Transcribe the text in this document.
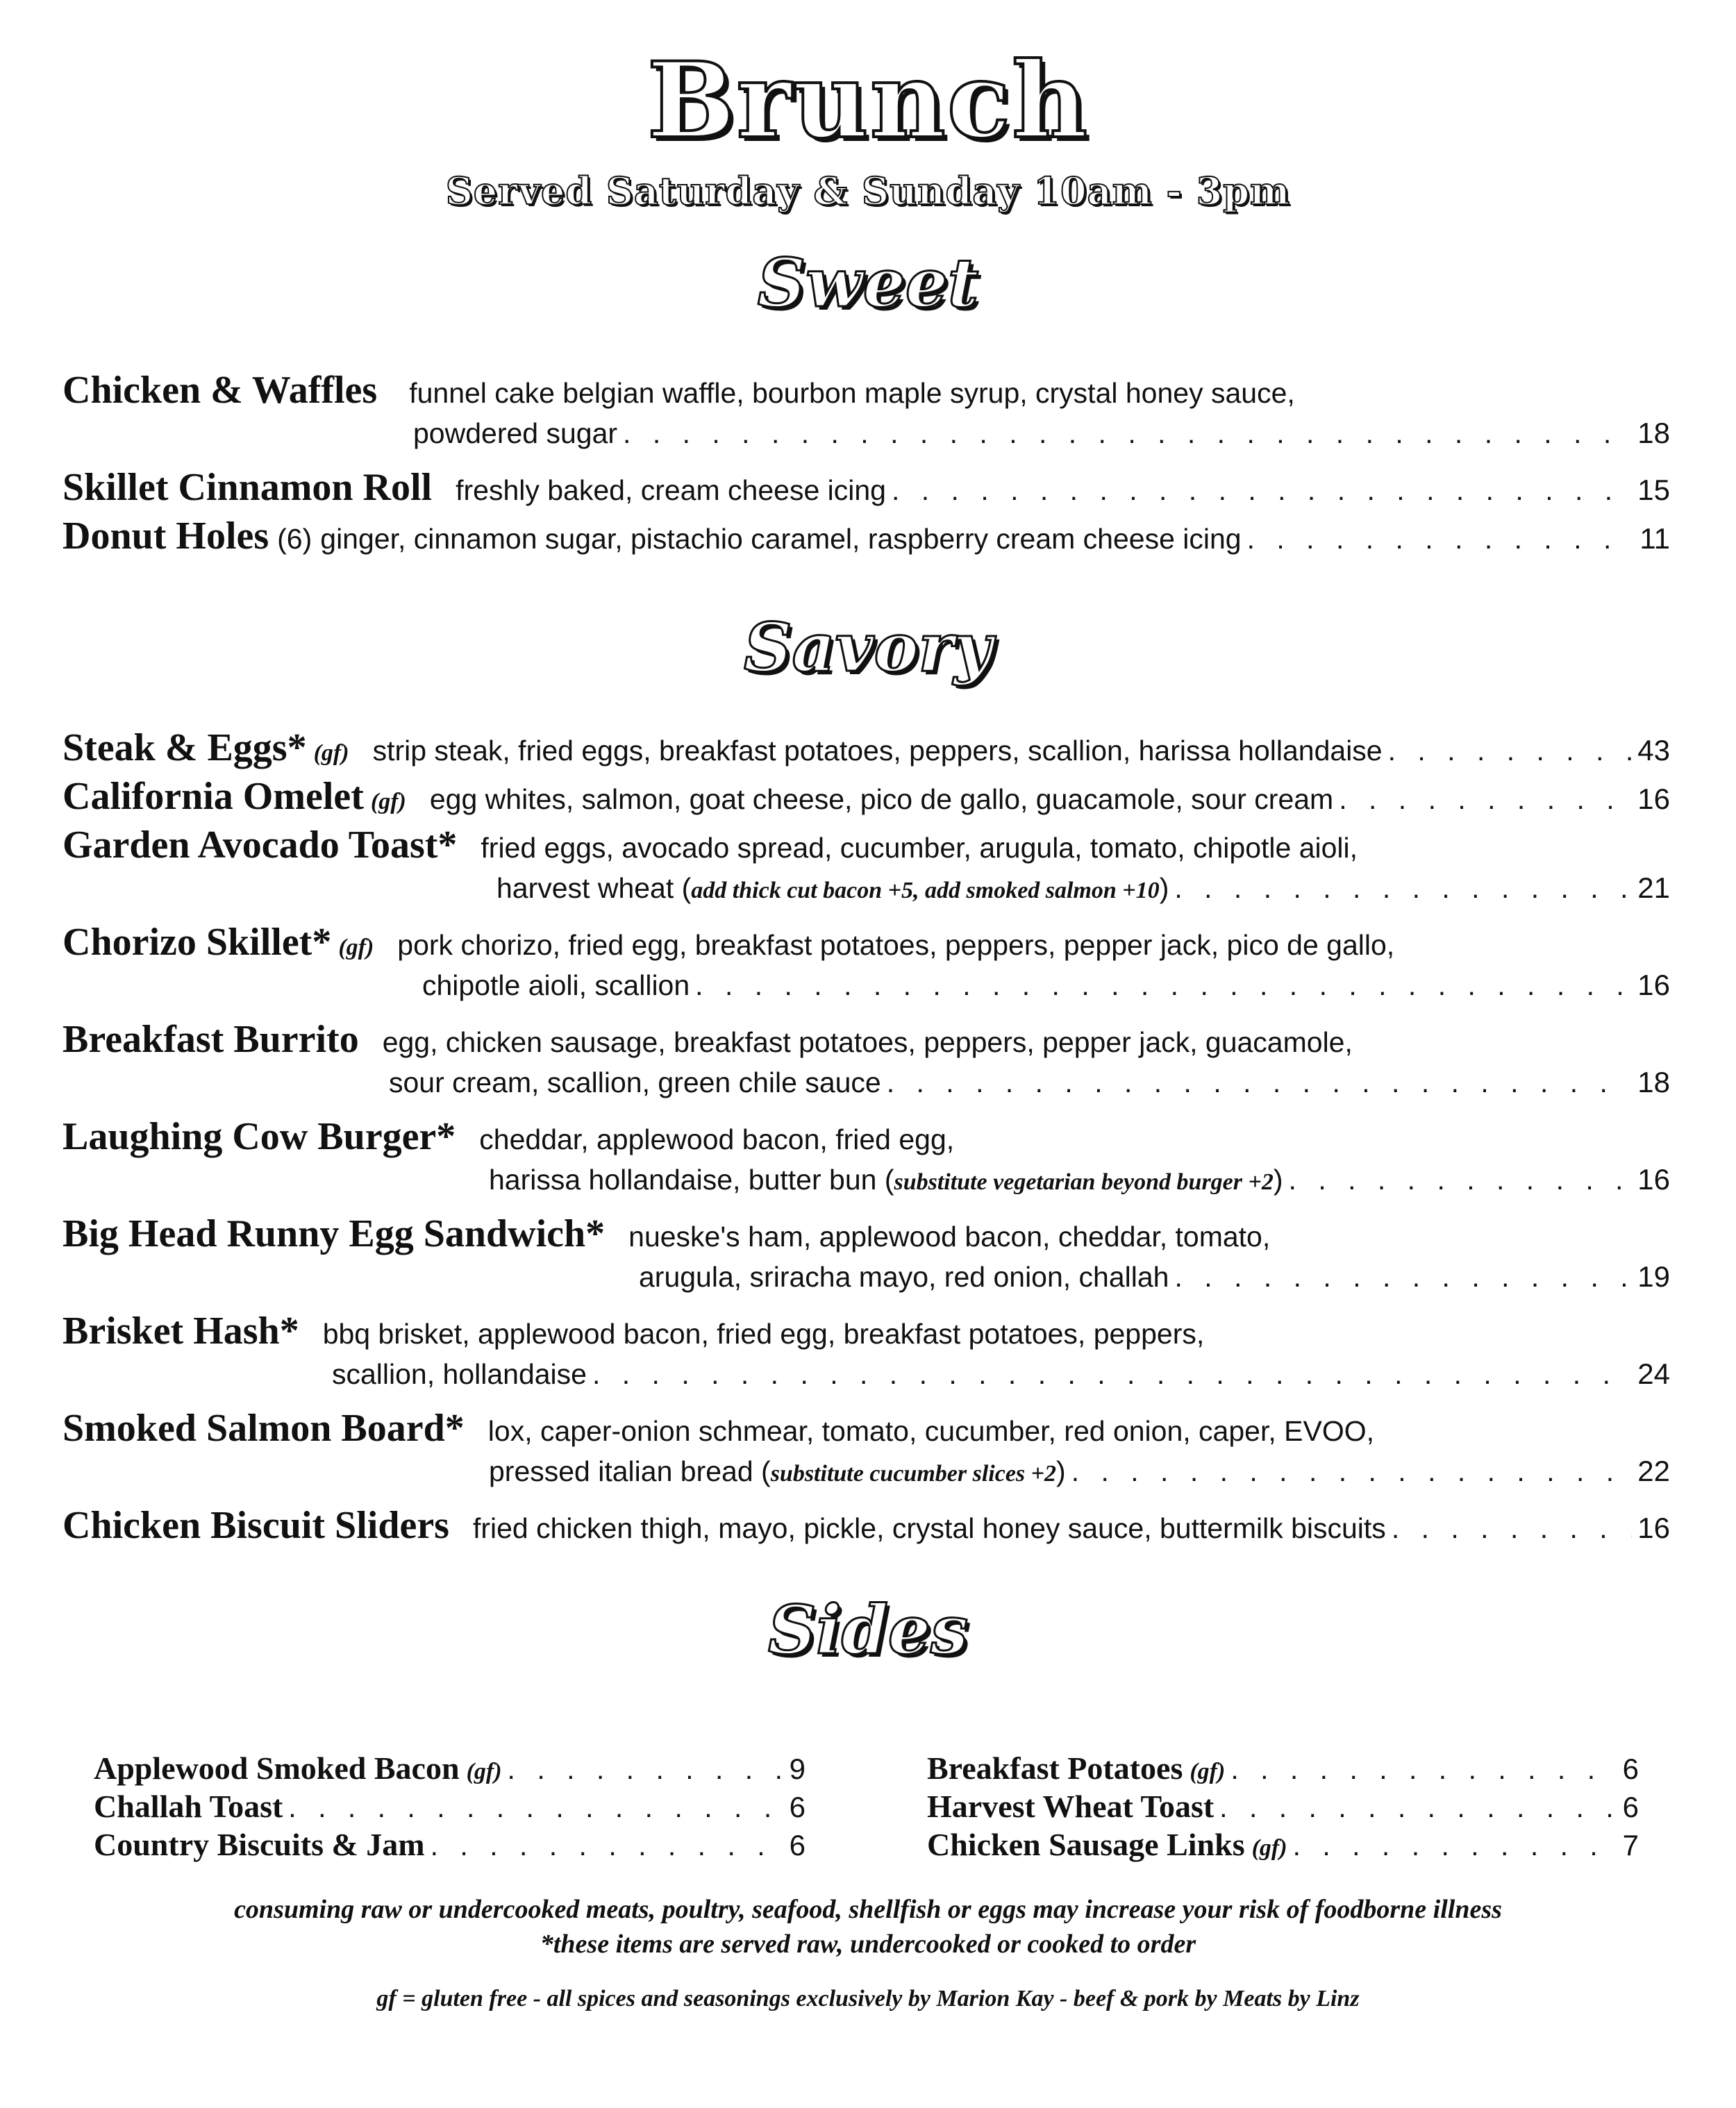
Brunch
Served Saturday & Sunday 10am - 3pm
Sweet
Chicken & Waffles funnel cake belgian waffle, bourbon maple syrup, crystal honey sauce,
powdered sugar . . .	18
Skillet Cinnamon Roll freshly baked, cream cheese icing . . .	15
Donut Holes (6) ginger, cinnamon sugar, pistachio caramel, raspberry cream cheese icing . . .	11
Savory
Steak & Eggs* (gf) strip steak, fried eggs, breakfast potatoes, peppers, scallion, harissa hollandaise . . .	43
California Omelet (gf) egg whites, salmon, goat cheese, pico de gallo, guacamole, sour cream . . .	16
Garden Avocado Toast* fried eggs, avocado spread, cucumber, arugula, tomato, chipotle aioli,
harvest wheat ( add thick cut bacon +5, add smoked salmon +10 ) . . .	21
Chorizo Skillet* (gf) pork chorizo, fried egg, breakfast potatoes, peppers, pepper jack, pico de gallo,
chipotle aioli, scallion . . .	16
Breakfast Burrito egg, chicken sausage, breakfast potatoes, peppers, pepper jack, guacamole,
sour cream, scallion, green chile sauce . . .	18
Laughing Cow Burger* cheddar, applewood bacon, fried egg,
harissa hollandaise, butter bun ( substitute vegetarian beyond burger +2 ) . . .	16
Big Head Runny Egg Sandwich* nueske's ham, applewood bacon, cheddar, tomato,
arugula, sriracha mayo, red onion, challah . . .	19
Brisket Hash* bbq brisket, applewood bacon, fried egg, breakfast potatoes, peppers,
scallion, hollandaise . . .	24
Smoked Salmon Board* lox, caper-onion schmear, tomato, cucumber, red onion, caper, EVOO,
pressed italian bread ( substitute cucumber slices +2 ) . . .	22
Chicken Biscuit Sliders fried chicken thigh, mayo, pickle, crystal honey sauce, buttermilk biscuits . . .	16
Sides
Applewood Smoked Bacon (gf) . . .	9
Challah Toast . . .	6
Country Biscuits & Jam . . .	6
Breakfast Potatoes (gf) . . .	6
Harvest Wheat Toast . . .	6
Chicken Sausage Links (gf) . . .	7
consuming raw or undercooked meats, poultry, seafood, shellfish or eggs may increase your risk of foodborne illness
*these items are served raw, undercooked or cooked to order
gf = gluten free - all spices and seasonings exclusively by Marion Kay - beef & pork by Meats by Linz
